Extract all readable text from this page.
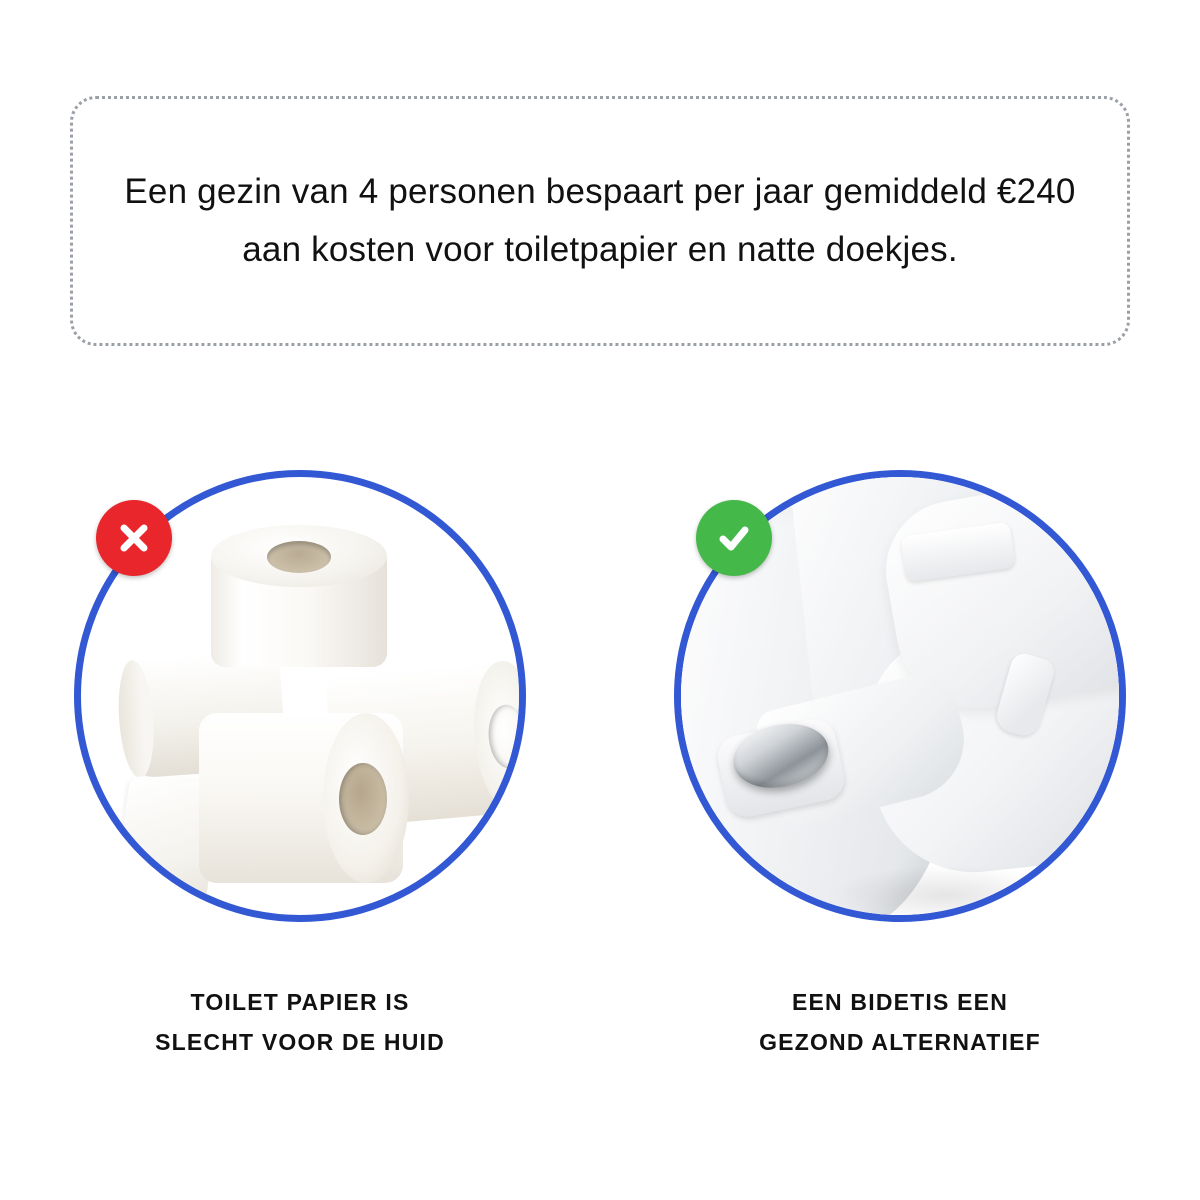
Een gezin van 4 personen bespaart per jaar gemiddeld €240 aan kosten voor toiletpapier en natte doekjes.
TOILET PAPIER IS
SLECHT VOOR DE HUID
EEN BIDETIS EEN
GEZOND ALTERNATIEF
